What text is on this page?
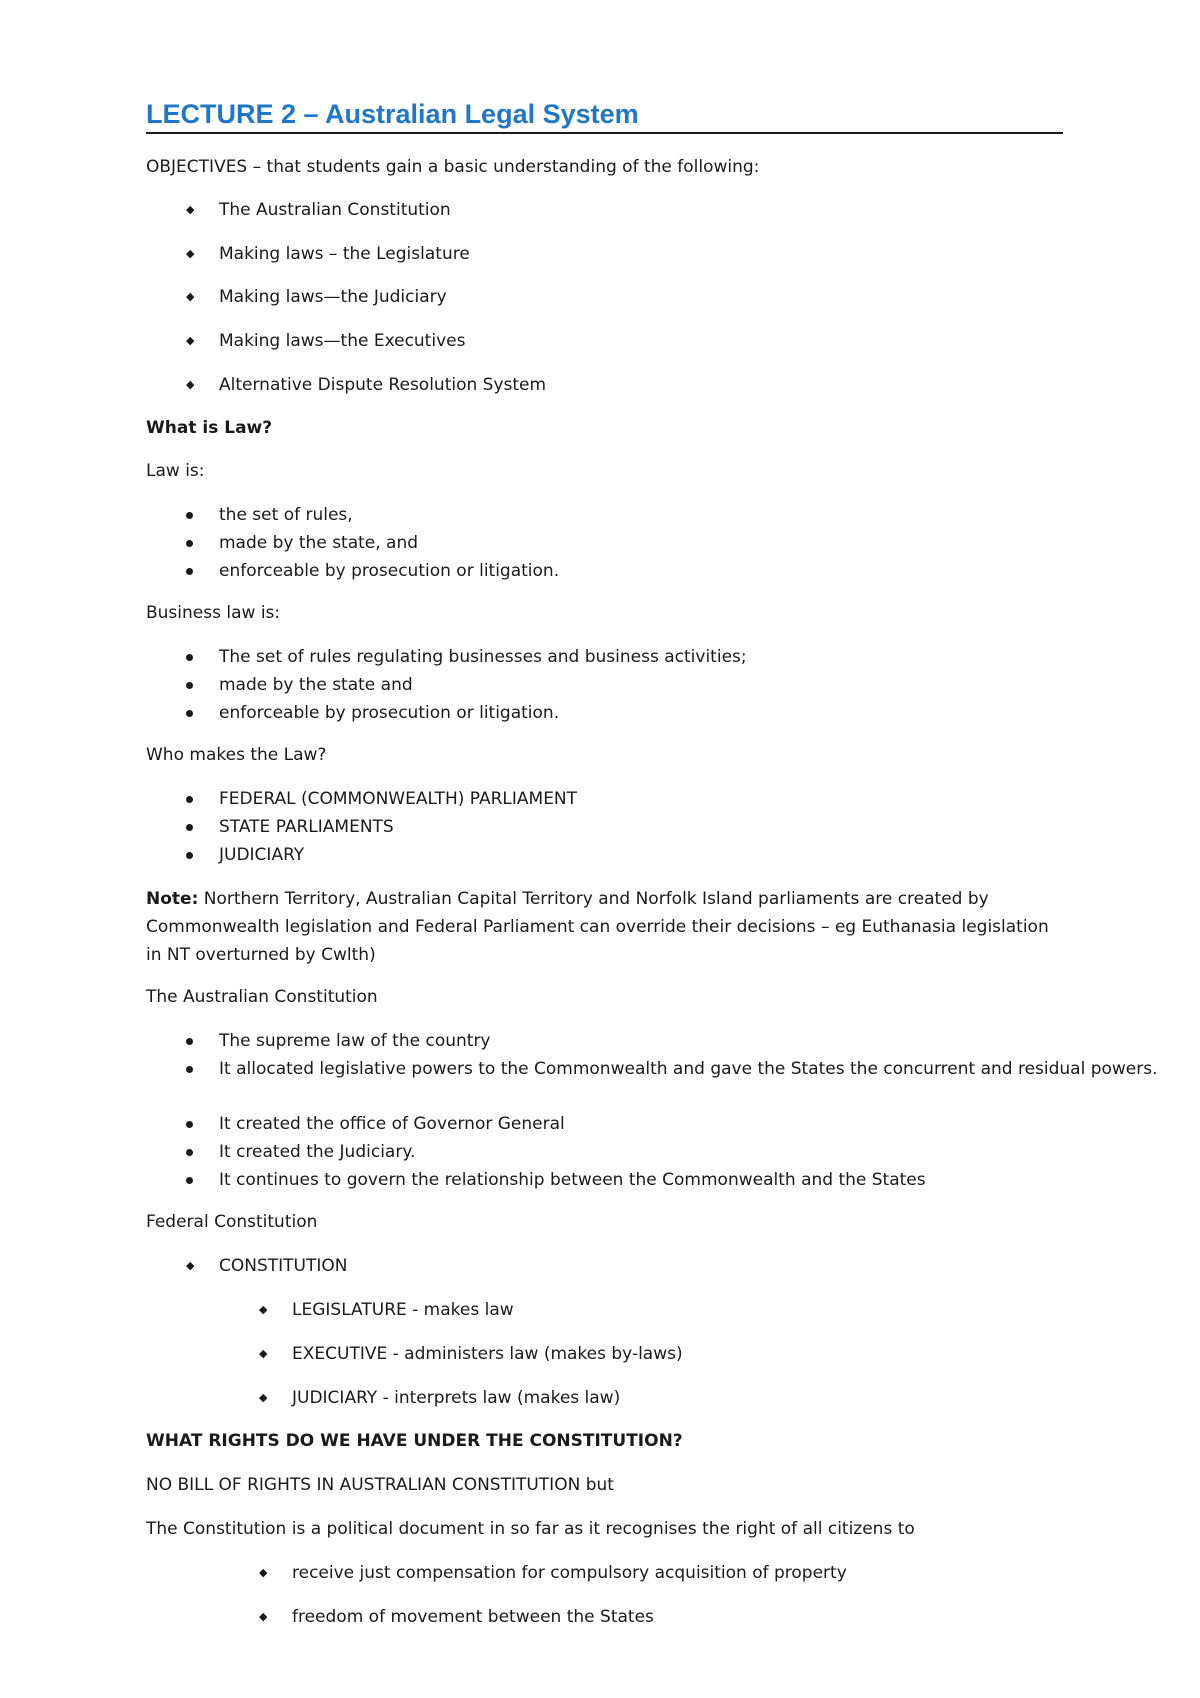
LECTURE 2 – Australian Legal System

OBJECTIVES – that students gain a basic understanding of the following:

◆ The Australian Constitution
◆ Making laws – the Legislature
◆ Making laws—the Judiciary
◆ Making laws—the Executives
◆ Alternative Dispute Resolution System

What is Law?

Law is:

the set of rules,
made by the state, and
enforceable by prosecution or litigation.

Business law is:

The set of rules regulating businesses and business activities;
made by the state and
enforceable by prosecution or litigation.

Who makes the Law?

FEDERAL (COMMONWEALTH) PARLIAMENT
STATE PARLIAMENTS
JUDICIARY

Note: Northern Territory, Australian Capital Territory and Norfolk Island parliaments are created by Commonwealth legislation and Federal Parliament can override their decisions – eg Euthanasia legislation in NT overturned by Cwlth)

The Australian Constitution

The supreme law of the country
It allocated legislative powers to the Commonwealth and gave the States the concurrent and residual powers.
It created the office of Governor General
It created the Judiciary.
It continues to govern the relationship between the Commonwealth and the States

Federal Constitution

◆ CONSTITUTION
◆ LEGISLATURE - makes law
◆ EXECUTIVE - administers law (makes by-laws)
◆ JUDICIARY - interprets law (makes law)

WHAT RIGHTS DO WE HAVE UNDER THE CONSTITUTION?

NO BILL OF RIGHTS IN AUSTRALIAN CONSTITUTION but

The Constitution is a political document in so far as it recognises the right of all citizens to

◆ receive just compensation for compulsory acquisition of property
◆ freedom of movement between the States
